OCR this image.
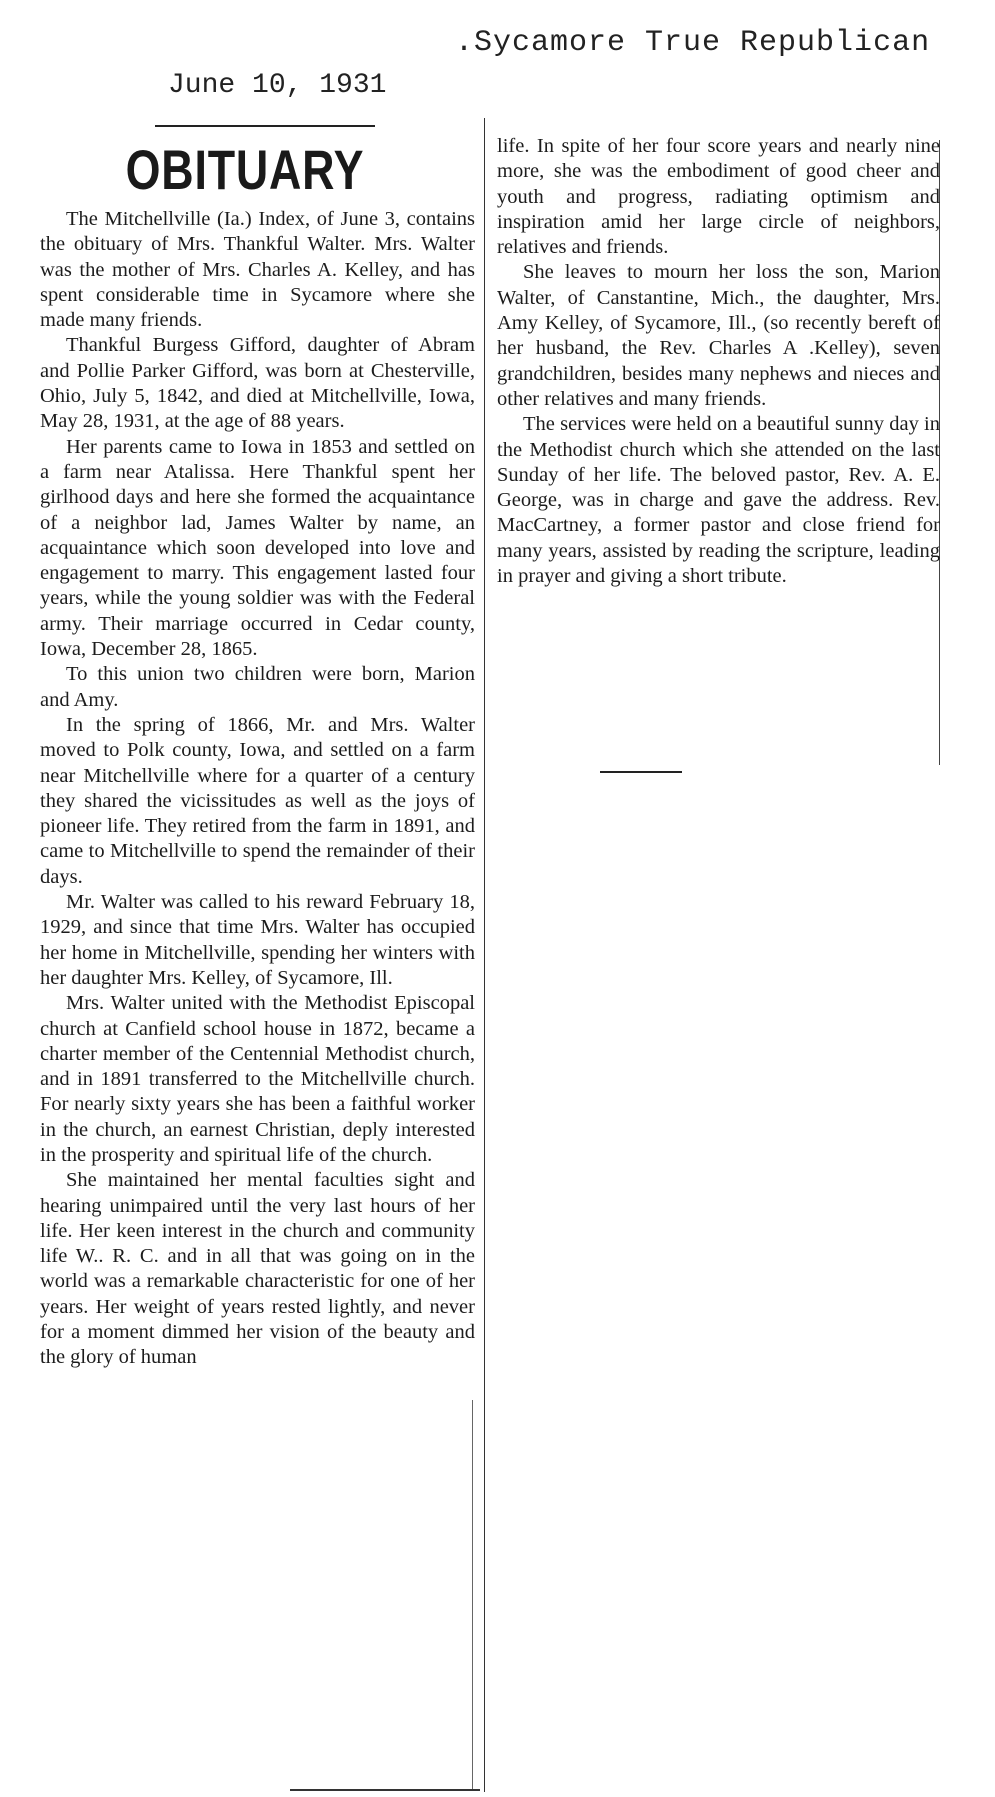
.Sycamore True Republican
June 10, 1931
OBITUARY

The Mitchellville (Ia.) Index, of June 3, contains the obituary of Mrs. Thankful Walter. Mrs. Walter was the mother of Mrs. Charles A. Kelley, and has spent considerable time in Sycamore where she made many friends.

Thankful Burgess Gifford, daughter of Abram and Pollie Parker Gifford, was born at Chesterville, Ohio, July 5, 1842, and died at Mitchellville, Iowa, May 28, 1931, at the age of 88 years.

Her parents came to Iowa in 1853 and settled on a farm near Atalissa. Here Thankful spent her girlhood days and here she formed the acquaintance of a neighbor lad, James Walter by name, an acquaintance which soon developed into love and engagement to marry. This engagement lasted four years, while the young soldier was with the Federal army. Their marriage occurred in Cedar county, Iowa, December 28, 1865.

To this union two children were born, Marion and Amy.

In the spring of 1866, Mr. and Mrs. Walter moved to Polk county, Iowa, and settled on a farm near Mitchellville where for a quarter of a century they shared the vicissitudes as well as the joys of pioneer life. They retired from the farm in 1891, and came to Mitchellville to spend the remainder of their days.

Mr. Walter was called to his reward February 18, 1929, and since that time Mrs. Walter has occupied her home in Mitchellville, spending her winters with her daughter Mrs. Kelley, of Sycamore, Ill.

Mrs. Walter united with the Methodist Episcopal church at Canfield school house in 1872, became a charter member of the Centennial Methodist church, and in 1891 transferred to the Mitchellville church. For nearly sixty years she has been a faithful worker in the church, an earnest Christian, deply interested in the prosperity and spiritual life of the church.

She maintained her mental faculties sight and hearing unimpaired until the very last hours of her life. Her keen interest in the church and community life W.. R. C. and in all that was going on in the world was a remarkable characteristic for one of her years. Her weight of years rested lightly, and never for a moment dimmed her vision of the beauty and the glory of human

life. In spite of her four score years and nearly nine more, she was the embodiment of good cheer and youth and progress, radiating optimism and inspiration amid her large circle of neighbors, relatives and friends.

She leaves to mourn her loss the son, Marion Walter, of Canstantine, Mich., the daughter, Mrs. Amy Kelley, of Sycamore, Ill., (so recently bereft of her husband, the Rev. Charles A .Kelley), seven grandchildren, besides many nephews and nieces and other relatives and many friends.

The services were held on a beautiful sunny day in the Methodist church which she attended on the last Sunday of her life. The beloved pastor, Rev. A. E. George, was in charge and gave the address. Rev. MacCartney, a former pastor and close friend for many years, assisted by reading the scripture, leading in prayer and giving a short tribute.
